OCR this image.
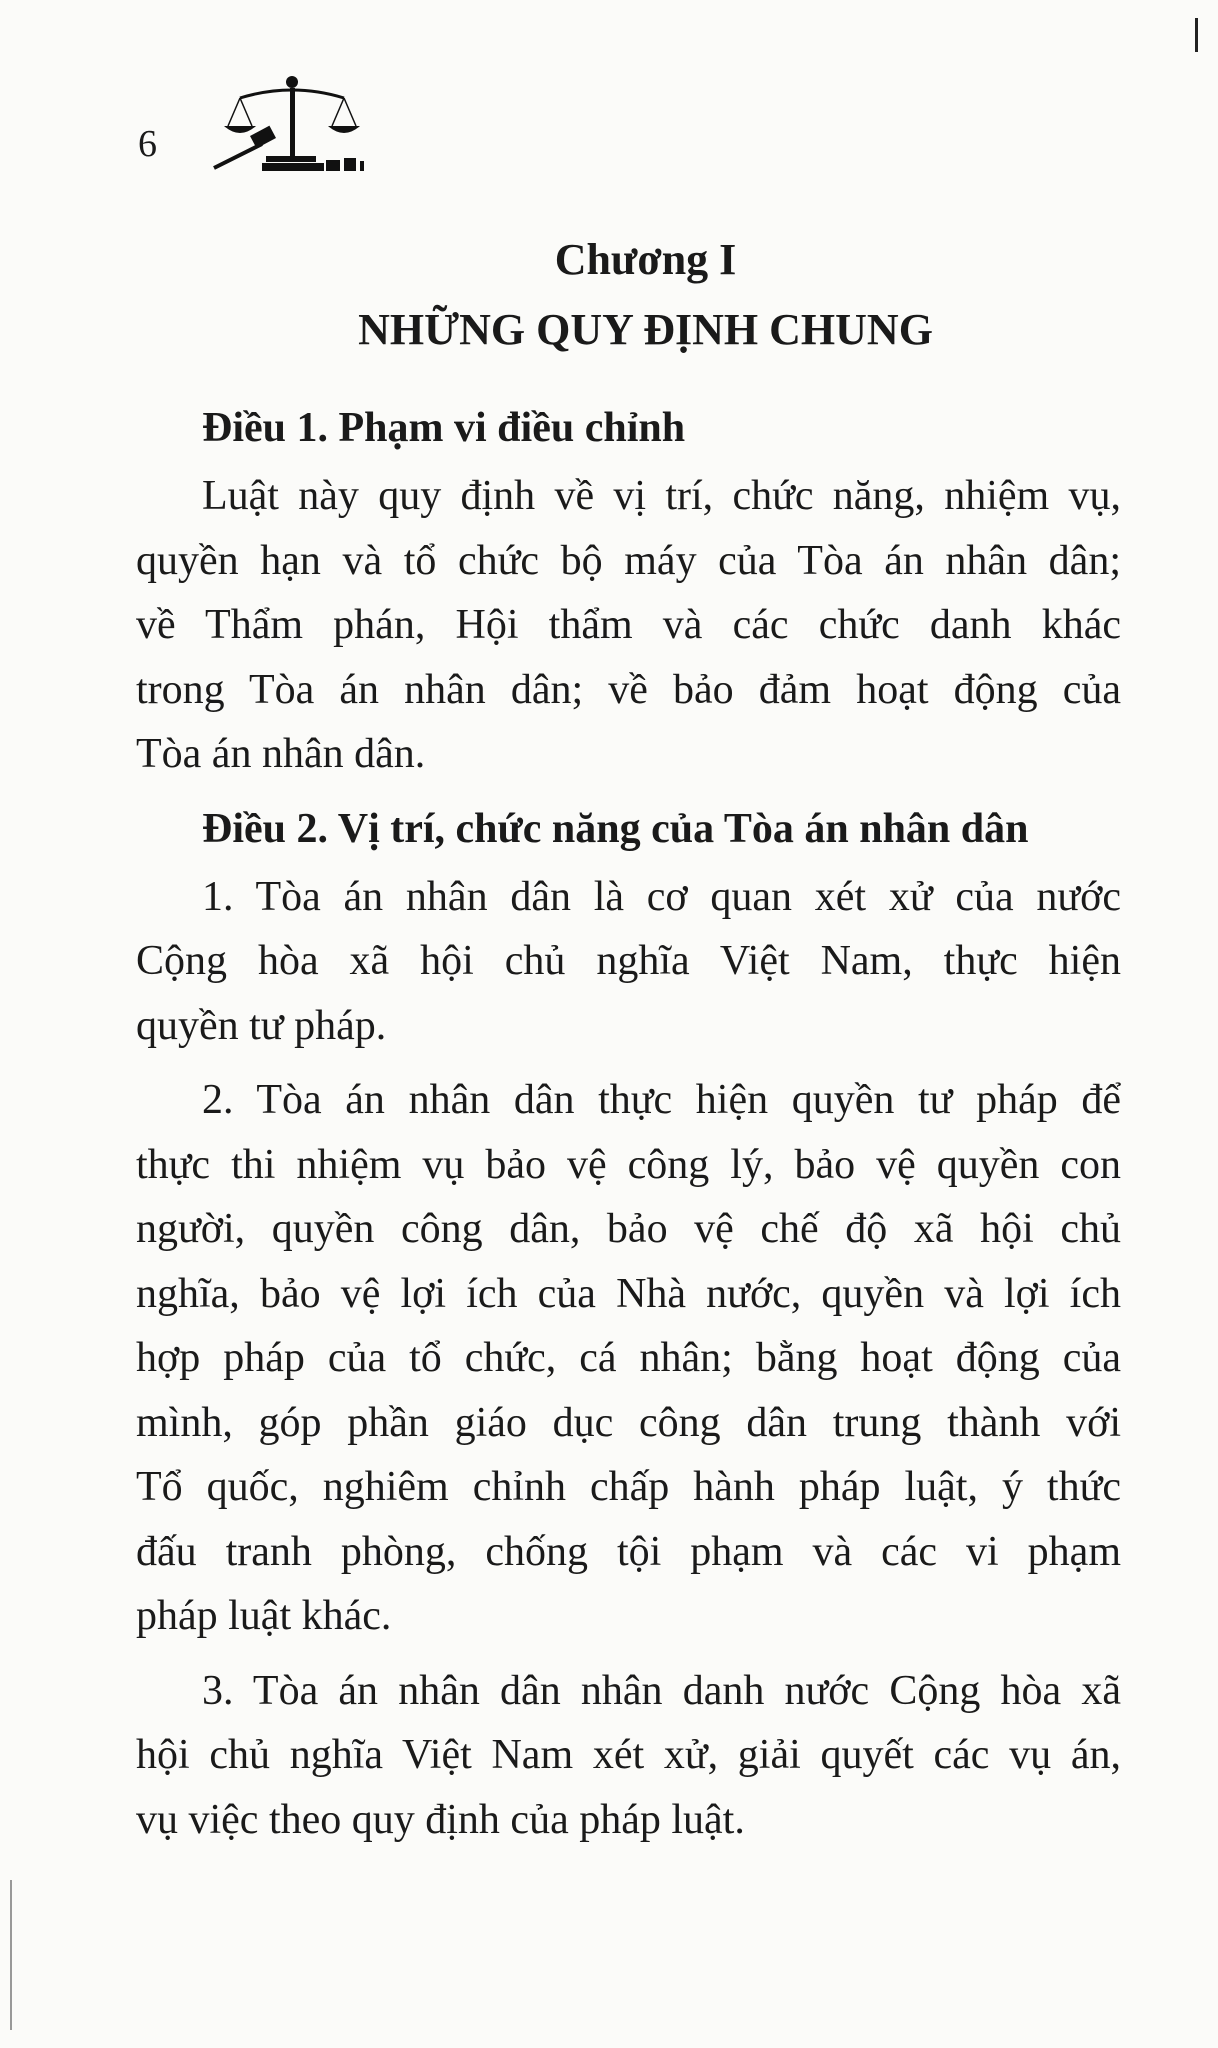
6
Chương I
NHỮNG QUY ĐỊNH CHUNG
Điều 1. Phạm vi điều chỉnh
Luật này quy định về vị trí, chức năng, nhiệm vụ,
quyền hạn và tổ chức bộ máy của Tòa án nhân dân;
về Thẩm phán, Hội thẩm và các chức danh khác
trong Tòa án nhân dân; về bảo đảm hoạt động của
Tòa án nhân dân.
Điều 2. Vị trí, chức năng của Tòa án nhân dân
1. Tòa án nhân dân là cơ quan xét xử của nước
Cộng hòa xã hội chủ nghĩa Việt Nam, thực hiện
quyền tư pháp.
2. Tòa án nhân dân thực hiện quyền tư pháp để
thực thi nhiệm vụ bảo vệ công lý, bảo vệ quyền con
người, quyền công dân, bảo vệ chế độ xã hội chủ
nghĩa, bảo vệ lợi ích của Nhà nước, quyền và lợi ích
hợp pháp của tổ chức, cá nhân; bằng hoạt động của
mình, góp phần giáo dục công dân trung thành với
Tổ quốc, nghiêm chỉnh chấp hành pháp luật, ý thức
đấu tranh phòng, chống tội phạm và các vi phạm
pháp luật khác.
3. Tòa án nhân dân nhân danh nước Cộng hòa xã
hội chủ nghĩa Việt Nam xét xử, giải quyết các vụ án,
vụ việc theo quy định của pháp luật.
